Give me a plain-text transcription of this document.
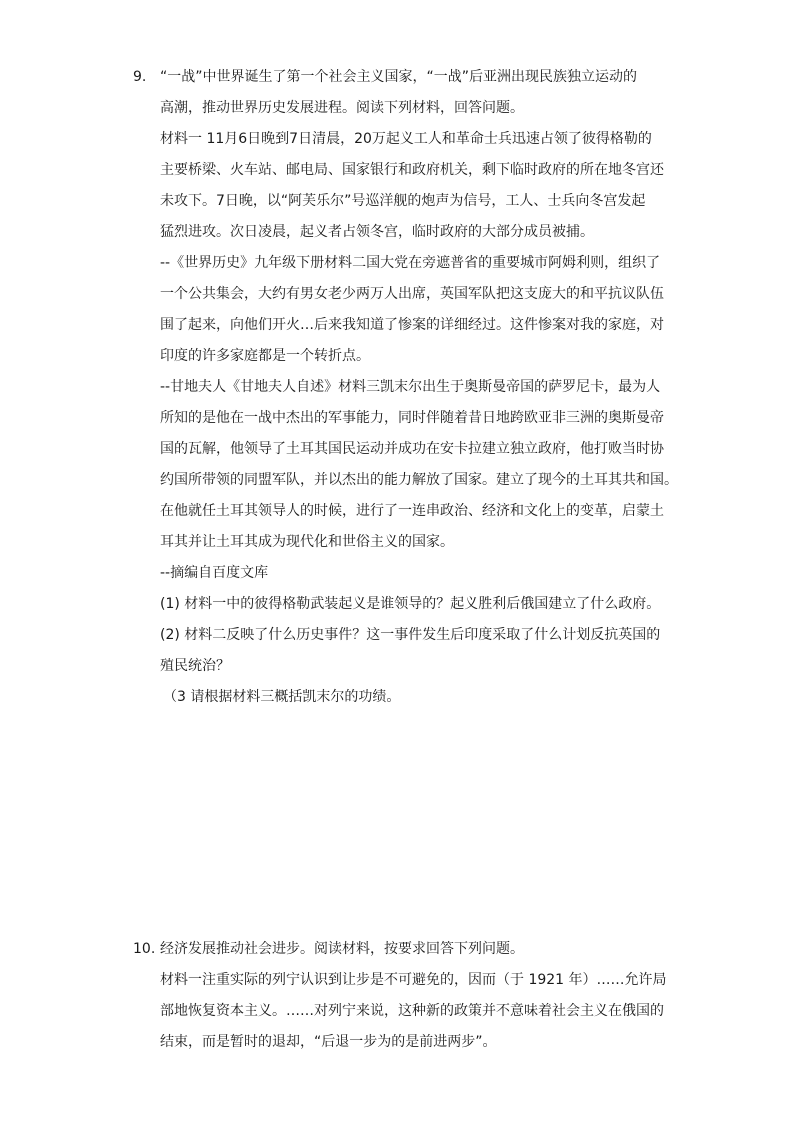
9. “一战”中世界诞生了第一个社会主义国家，“一战”后亚洲出现民族独立运动的
高潮，推动世界历史发展进程。阅读下列材料，回答问题。
材料一 11月6日晚到7日清晨，20万起义工人和革命士兵迅速占领了彼得格勒的
主要桥梁、火车站、邮电局、国家银行和政府机关，剩下临时政府的所在地冬宫还
未攻下。7日晚，以“阿芙乐尔”号巡洋舰的炮声为信号，工人、士兵向冬宫发起
猛烈进攻。次日凌晨，起义者占领冬宫，临时政府的大部分成员被捕。
--《世界历史》九年级下册材料二国大党在旁遮普省的重要城市阿姆利则，组织了
一个公共集会，大约有男女老少两万人出席，英国军队把这支庞大的和平抗议队伍
围了起来，向他们开火…后来我知道了惨案的详细经过。这件惨案对我的家庭，对
印度的许多家庭都是一个转折点。
--甘地夫人《甘地夫人自述》材料三凯末尔出生于奥斯曼帝国的萨罗尼卡，最为人
所知的是他在一战中杰出的军事能力，同时伴随着昔日地跨欧亚非三洲的奥斯曼帝
国的瓦解，他领导了土耳其国民运动并成功在安卡拉建立独立政府，他打败当时协
约国所带领的同盟军队，并以杰出的能力解放了国家。建立了现今的土耳其共和国。
在他就任土耳其领导人的时候，进行了一连串政治、经济和文化上的变革，启蒙土
耳其并让土耳其成为现代化和世俗主义的国家。
--摘编自百度文库
(1) 材料一中的彼得格勒武装起义是谁领导的？起义胜利后俄国建立了什么政府。
(2) 材料二反映了什么历史事件？这一事件发生后印度采取了什么计划反抗英国的
殖民统治？
（3 请根据材料三概括凯末尔的功绩。
10. 经济发展推动社会进步。阅读材料，按要求回答下列问题。
材料一注重实际的列宁认识到让步是不可避免的，因而（于 1921 年）……允许局
部地恢复资本主义。……对列宁来说，这种新的政策并不意味着社会主义在俄国的
结束，而是暂时的退却，“后退一步为的是前进两步”。
